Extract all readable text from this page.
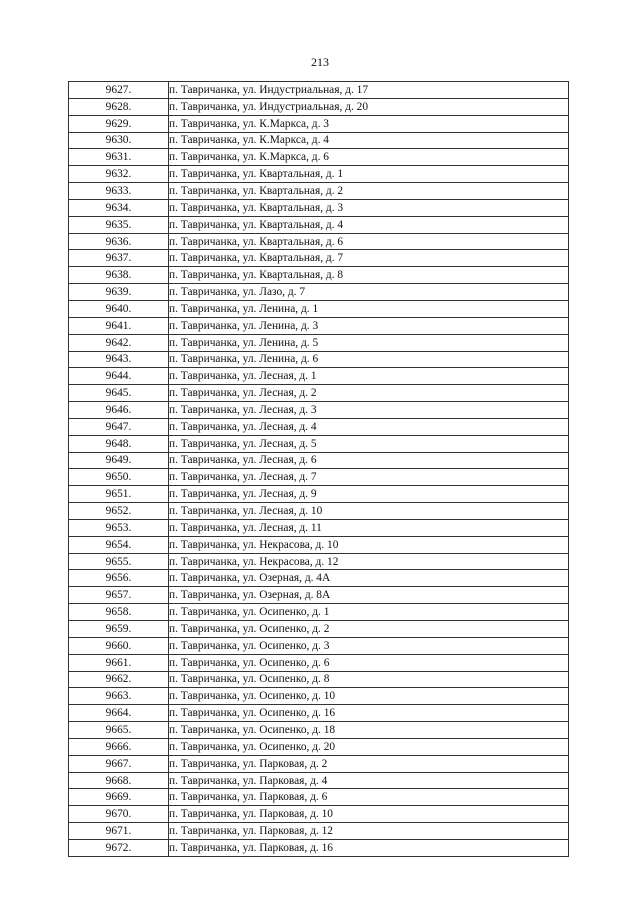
213
9627.	п. Тавричанка, ул. Индустриальная, д. 17
9628.	п. Тавричанка, ул. Индустриальная, д. 20
9629.	п. Тавричанка, ул. К.Маркса, д. 3
9630.	п. Тавричанка, ул. К.Маркса, д. 4
9631.	п. Тавричанка, ул. К.Маркса, д. 6
9632.	п. Тавричанка, ул. Квартальная, д. 1
9633.	п. Тавричанка, ул. Квартальная, д. 2
9634.	п. Тавричанка, ул. Квартальная, д. 3
9635.	п. Тавричанка, ул. Квартальная, д. 4
9636.	п. Тавричанка, ул. Квартальная, д. 6
9637.	п. Тавричанка, ул. Квартальная, д. 7
9638.	п. Тавричанка, ул. Квартальная, д. 8
9639.	п. Тавричанка, ул. Лазо, д. 7
9640.	п. Тавричанка, ул. Ленина, д. 1
9641.	п. Тавричанка, ул. Ленина, д. 3
9642.	п. Тавричанка, ул. Ленина, д. 5
9643.	п. Тавричанка, ул. Ленина, д. 6
9644.	п. Тавричанка, ул. Лесная, д. 1
9645.	п. Тавричанка, ул. Лесная, д. 2
9646.	п. Тавричанка, ул. Лесная, д. 3
9647.	п. Тавричанка, ул. Лесная, д. 4
9648.	п. Тавричанка, ул. Лесная, д. 5
9649.	п. Тавричанка, ул. Лесная, д. 6
9650.	п. Тавричанка, ул. Лесная, д. 7
9651.	п. Тавричанка, ул. Лесная, д. 9
9652.	п. Тавричанка, ул. Лесная, д. 10
9653.	п. Тавричанка, ул. Лесная, д. 11
9654.	п. Тавричанка, ул. Некрасова, д. 10
9655.	п. Тавричанка, ул. Некрасова, д. 12
9656.	п. Тавричанка, ул. Озерная, д. 4А
9657.	п. Тавричанка, ул. Озерная, д. 8А
9658.	п. Тавричанка, ул. Осипенко, д. 1
9659.	п. Тавричанка, ул. Осипенко, д. 2
9660.	п. Тавричанка, ул. Осипенко, д. 3
9661.	п. Тавричанка, ул. Осипенко, д. 6
9662.	п. Тавричанка, ул. Осипенко, д. 8
9663.	п. Тавричанка, ул. Осипенко, д. 10
9664.	п. Тавричанка, ул. Осипенко, д. 16
9665.	п. Тавричанка, ул. Осипенко, д. 18
9666.	п. Тавричанка, ул. Осипенко, д. 20
9667.	п. Тавричанка, ул. Парковая, д. 2
9668.	п. Тавричанка, ул. Парковая, д. 4
9669.	п. Тавричанка, ул. Парковая, д. 6
9670.	п. Тавричанка, ул. Парковая, д. 10
9671.	п. Тавричанка, ул. Парковая, д. 12
9672.	п. Тавричанка, ул. Парковая, д. 16
